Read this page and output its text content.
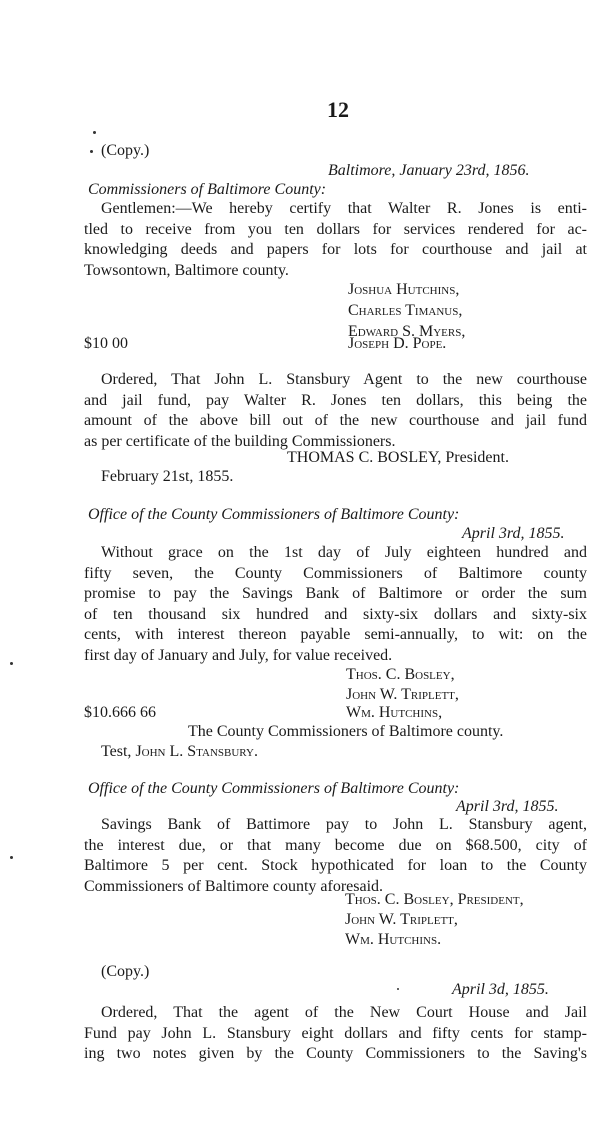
12
(Copy.)
Baltimore, January 23rd, 1856.
Commissioners of Baltimore County:
Gentlemen:—We hereby certify that Walter R. Jones is enti-
tled to receive from you ten dollars for services rendered for ac-
knowledging deeds and papers for lots for courthouse and jail at
Towsontown, Baltimore county.
Joshua Hutchins,
Charles Timanus,
Edward S. Myers,
$10 00	Joseph D. Pope.
Ordered, That John L. Stansbury Agent to the new courthouse
and jail fund, pay Walter R. Jones ten dollars, this being the
amount of the above bill out of the new courthouse and jail fund
as per certificate of the building Commissioners.
THOMAS C. BOSLEY, President.
February 21st, 1855.
Office of the County Commissioners of Baltimore County:
April 3rd, 1855.
Without grace on the 1st day of July eighteen hundred and
fifty seven, the County Commissioners of Baltimore county
promise to pay the Savings Bank of Baltimore or order the sum
of ten thousand six hundred and sixty-six dollars and sixty-six
cents, with interest thereon payable semi-annually, to wit: on the
first day of January and July, for value received.
Thos. C. Bosley,
John W. Triplett,
$10.666 66	Wm. Hutchins,
The County Commissioners of Baltimore county.
Test, John L. Stansbury.
Office of the County Commissioners of Baltimore County:
April 3rd, 1855.
Savings Bank of Battimore pay to John L. Stansbury agent,
the interest due, or that many become due on $68.500, city of
Baltimore 5 per cent. Stock hypothicated for loan to the County
Commissioners of Baltimore county aforesaid.
Thos. C. Bosley, President,
John W. Triplett,
Wm. Hutchins.
(Copy.)
April 3d, 1855.
Ordered, That the agent of the New Court House and Jail
Fund pay John L. Stansbury eight dollars and fifty cents for stamp-
ing two notes given by the County Commissioners to the Saving's
